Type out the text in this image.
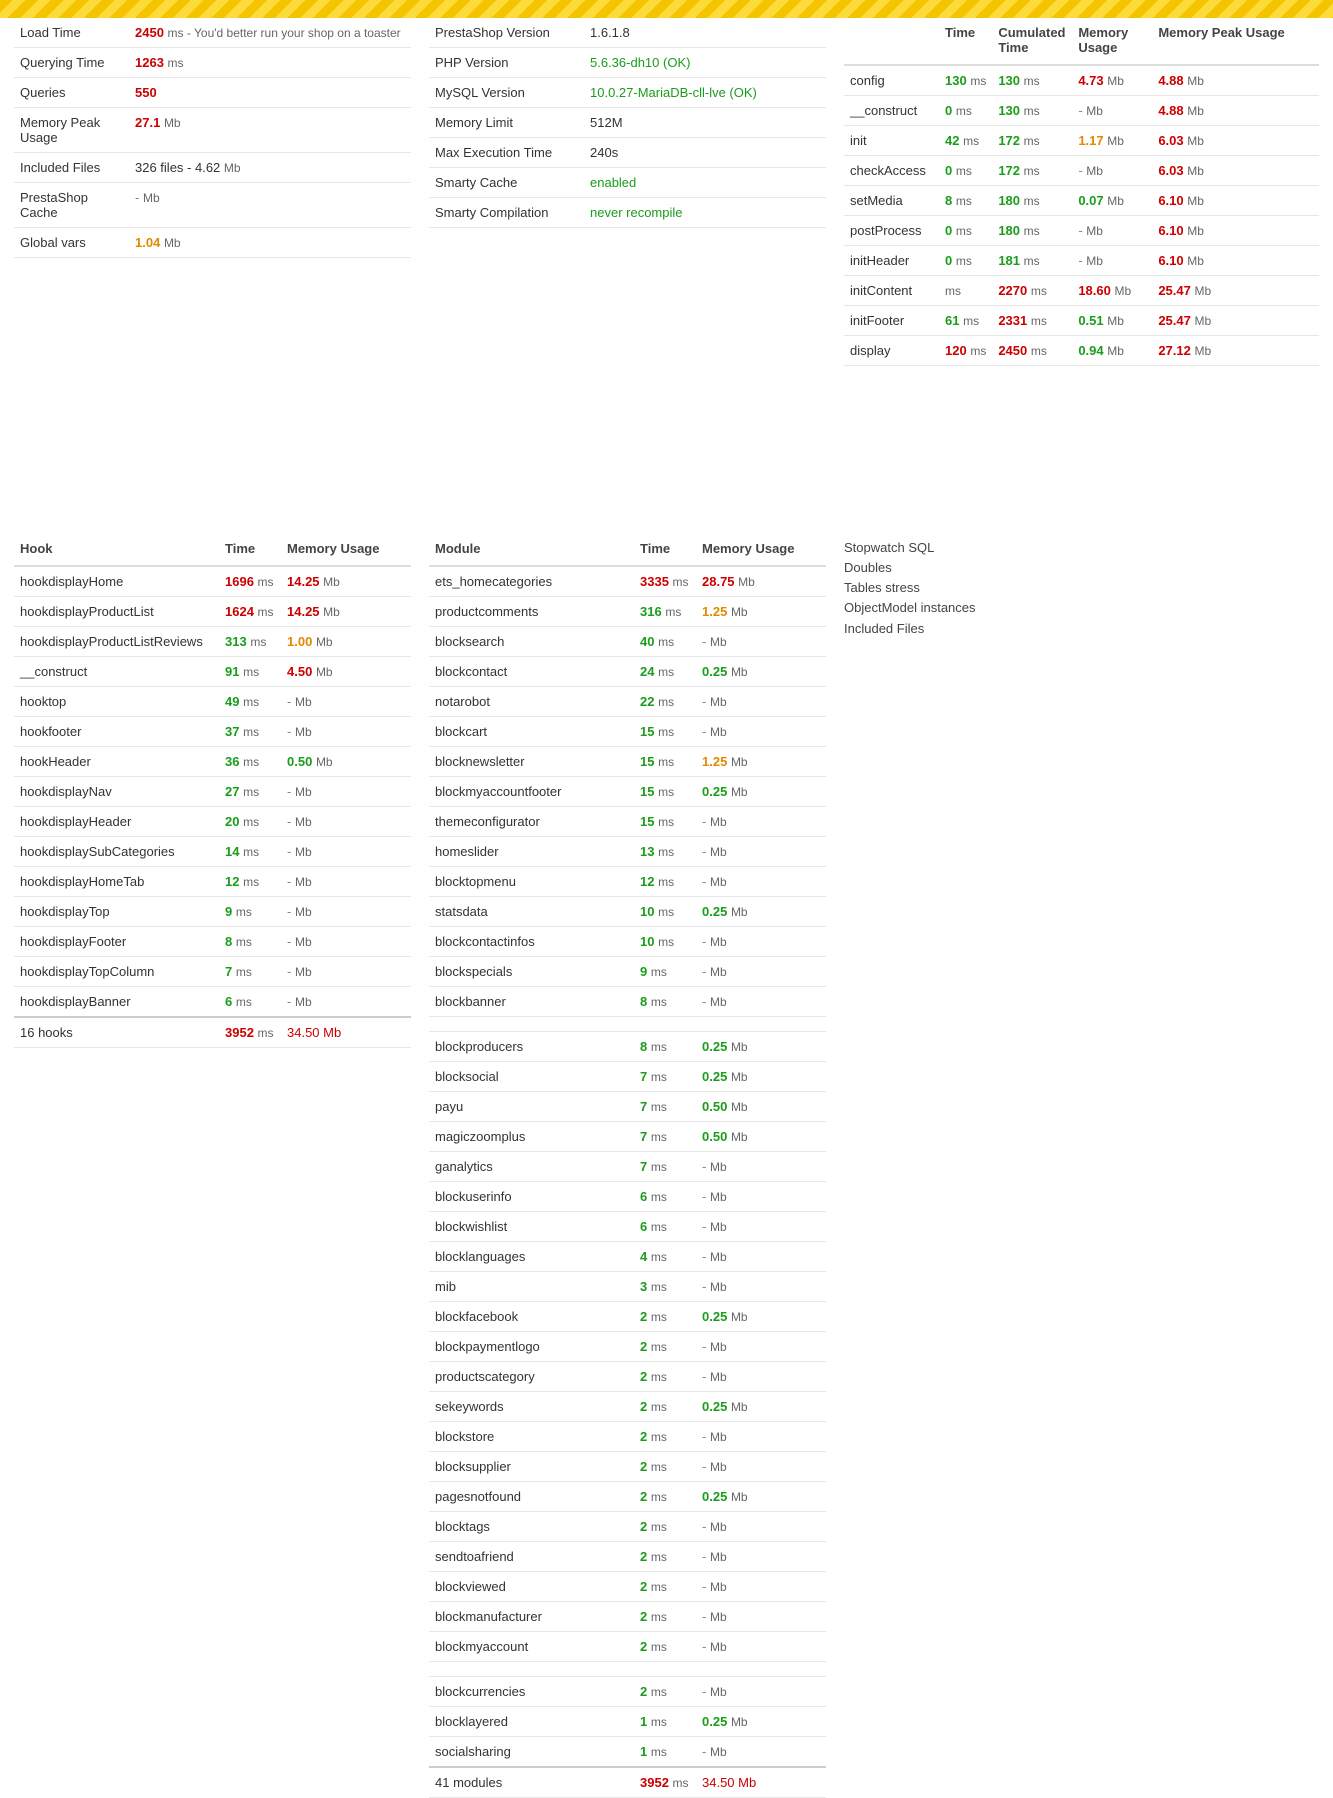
Load Time	2450 ms - You'd better run your shop on a toaster
Querying Time	1263 ms
Queries	550
Memory Peak Usage	27.1 Mb
Included Files	326 files - 4.62 Mb
PrestaShop Cache	- Mb
Global vars	1.04 Mb
PrestaShop Version	1.6.1.8
PHP Version	5.6.36-dh10 (OK)
MySQL Version	10.0.27-MariaDB-cll-lve (OK)
Memory Limit	512M
Max Execution Time	240s
Smarty Cache	enabled
Smarty Compilation	never recompile
	Time	Cumulated Time	Memory Usage	Memory Peak Usage
config	130 ms	130 ms	4.73 Mb	4.88 Mb
__construct	0 ms	130 ms	- Mb	4.88 Mb
init	42 ms	172 ms	1.17 Mb	6.03 Mb
checkAccess	0 ms	172 ms	- Mb	6.03 Mb
setMedia	8 ms	180 ms	0.07 Mb	6.10 Mb
postProcess	0 ms	180 ms	- Mb	6.10 Mb
initHeader	0 ms	181 ms	- Mb	6.10 Mb
initContent	ms	2270 ms	18.60 Mb	25.47 Mb
initFooter	61 ms	2331 ms	0.51 Mb	25.47 Mb
display	120 ms	2450 ms	0.94 Mb	27.12 Mb
Hook	Time	Memory Usage
hookdisplayHome	1696 ms	14.25 Mb
hookdisplayProductList	1624 ms	14.25 Mb
hookdisplayProductListReviews	313 ms	1.00 Mb
__construct	91 ms	4.50 Mb
hooktop	49 ms	- Mb
hookfooter	37 ms	- Mb
hookHeader	36 ms	0.50 Mb
hookdisplayNav	27 ms	- Mb
hookdisplayHeader	20 ms	- Mb
hookdisplaySubCategories	14 ms	- Mb
hookdisplayHomeTab	12 ms	- Mb
hookdisplayTop	9 ms	- Mb
hookdisplayFooter	8 ms	- Mb
hookdisplayTopColumn	7 ms	- Mb
hookdisplayBanner	6 ms	- Mb
16 hooks	3952 ms	34.50 Mb
Module	Time	Memory Usage
ets_homecategories	3335 ms	28.75 Mb
productcomments	316 ms	1.25 Mb
blocksearch	40 ms	- Mb
blockcontact	24 ms	0.25 Mb
notarobot	22 ms	- Mb
blockcart	15 ms	- Mb
blocknewsletter	15 ms	1.25 Mb
blockmyaccountfooter	15 ms	0.25 Mb
themeconfigurator	15 ms	- Mb
homeslider	13 ms	- Mb
blocktopmenu	12 ms	- Mb
statsdata	10 ms	0.25 Mb
blockcontactinfos	10 ms	- Mb
blockspecials	9 ms	- Mb
blockbanner	8 ms	- Mb

blockproducers	8 ms	0.25 Mb
blocksocial	7 ms	0.25 Mb
payu	7 ms	0.50 Mb
magiczoomplus	7 ms	0.50 Mb
ganalytics	7 ms	- Mb
blockuserinfo	6 ms	- Mb
blockwishlist	6 ms	- Mb
blocklanguages	4 ms	- Mb
mib	3 ms	- Mb
blockfacebook	2 ms	0.25 Mb
blockpaymentlogo	2 ms	- Mb
productscategory	2 ms	- Mb
sekeywords	2 ms	0.25 Mb
blockstore	2 ms	- Mb
blocksupplier	2 ms	- Mb
pagesnotfound	2 ms	0.25 Mb
blocktags	2 ms	- Mb
sendtoafriend	2 ms	- Mb
blockviewed	2 ms	- Mb
blockmanufacturer	2 ms	- Mb
blockmyaccount	2 ms	- Mb

blockcurrencies	2 ms	- Mb
blocklayered	1 ms	0.25 Mb
socialsharing	1 ms	- Mb
41 modules	3952 ms	34.50 Mb
Stopwatch SQL
Doubles
Tables stress
ObjectModel instances
Included Files
